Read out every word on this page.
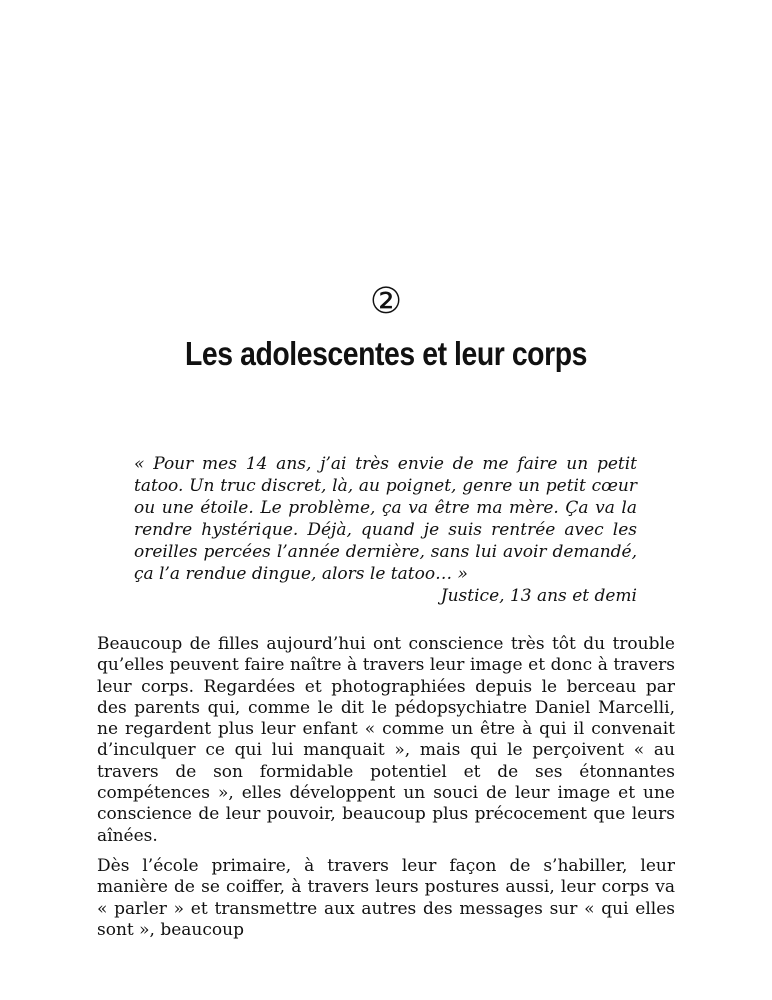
②
Les adolescentes et leur corps

« Pour mes 14 ans, j’ai très envie de me faire un petit tatoo. Un truc discret, là, au poignet, genre un petit cœur ou une étoile. Le problème, ça va être ma mère. Ça va la rendre hystérique. Déjà, quand je suis rentrée avec les oreilles percées l’année dernière, sans lui avoir demandé, ça l’a rendue dingue, alors le tatoo… »

Justice, 13 ans et demi

Beaucoup de filles aujourd’hui ont conscience très tôt du trouble qu’elles peuvent faire naître à travers leur image et donc à travers leur corps. Regardées et photographiées depuis le berceau par des parents qui, comme le dit le pédopsychiatre Daniel Marcelli, ne regardent plus leur enfant « comme un être à qui il convenait d’inculquer ce qui lui manquait », mais qui le perçoivent « au travers de son formidable potentiel et de ses étonnantes compétences », elles développent un souci de leur image et une conscience de leur pouvoir, beaucoup plus précocement que leurs aînées.

Dès l’école primaire, à travers leur façon de s’habiller, leur manière de se coiffer, à travers leurs postures aussi, leur corps va « parler » et transmettre aux autres des messages sur « qui elles sont », beaucoup
